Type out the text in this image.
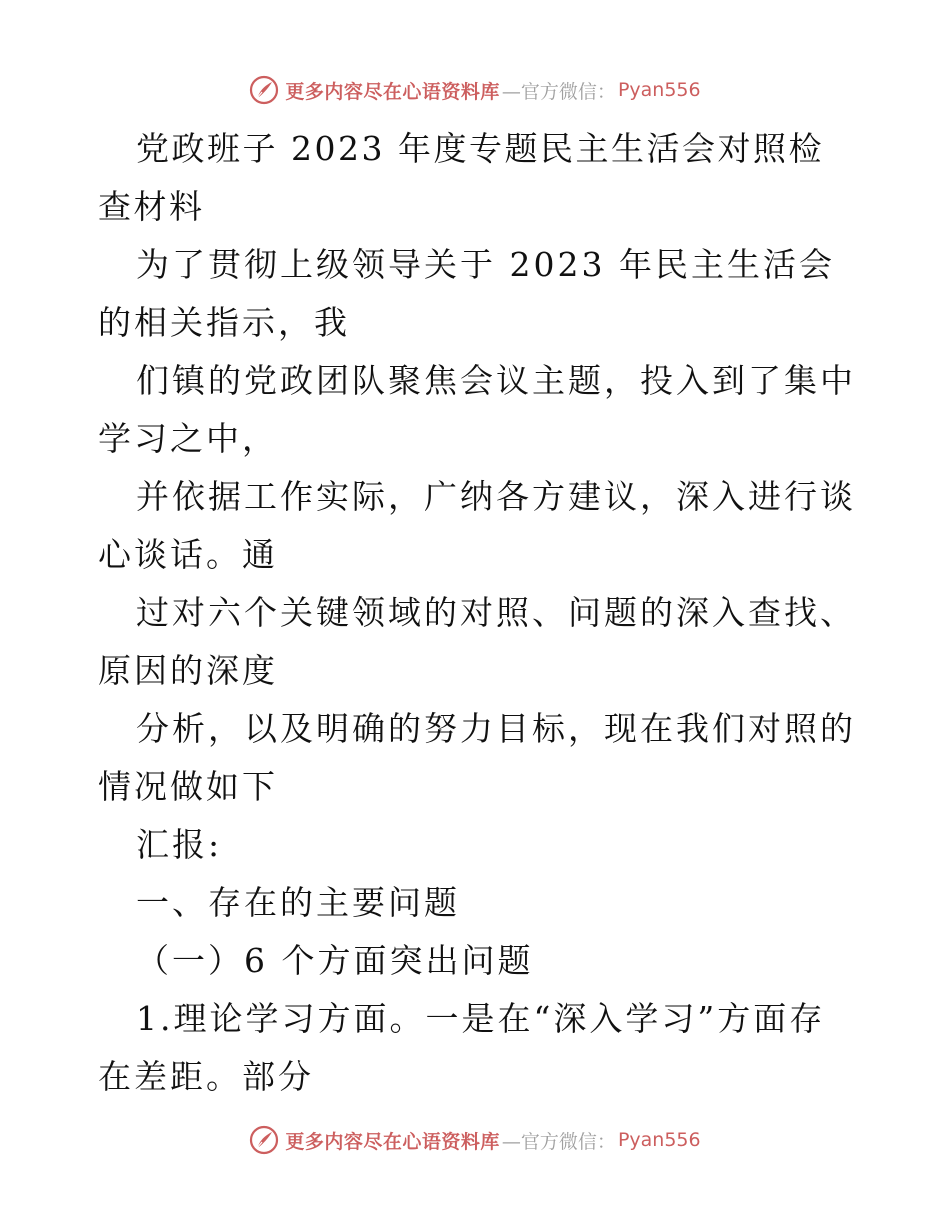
更多内容尽在心语资料库 —官方微信： Pyan556

党政班子 2023 年度专题民主生活会对照检查材料

为了贯彻上级领导关于 2023 年民主生活会的相关指示，我

们镇的党政团队聚焦会议主题，投入到了集中学习之中，

并依据工作实际，广纳各方建议，深入进行谈心谈话。通

过对六个关键领域的对照、问题的深入查找、原因的深度

分析，以及明确的努力目标，现在我们对照的情况做如下

汇报:

一、存在的主要问题

（一）6 个方面突出问题

1.理论学习方面。一是在“深入学习”方面存在差距。部分

更多内容尽在心语资料库 —官方微信： Pyan556
